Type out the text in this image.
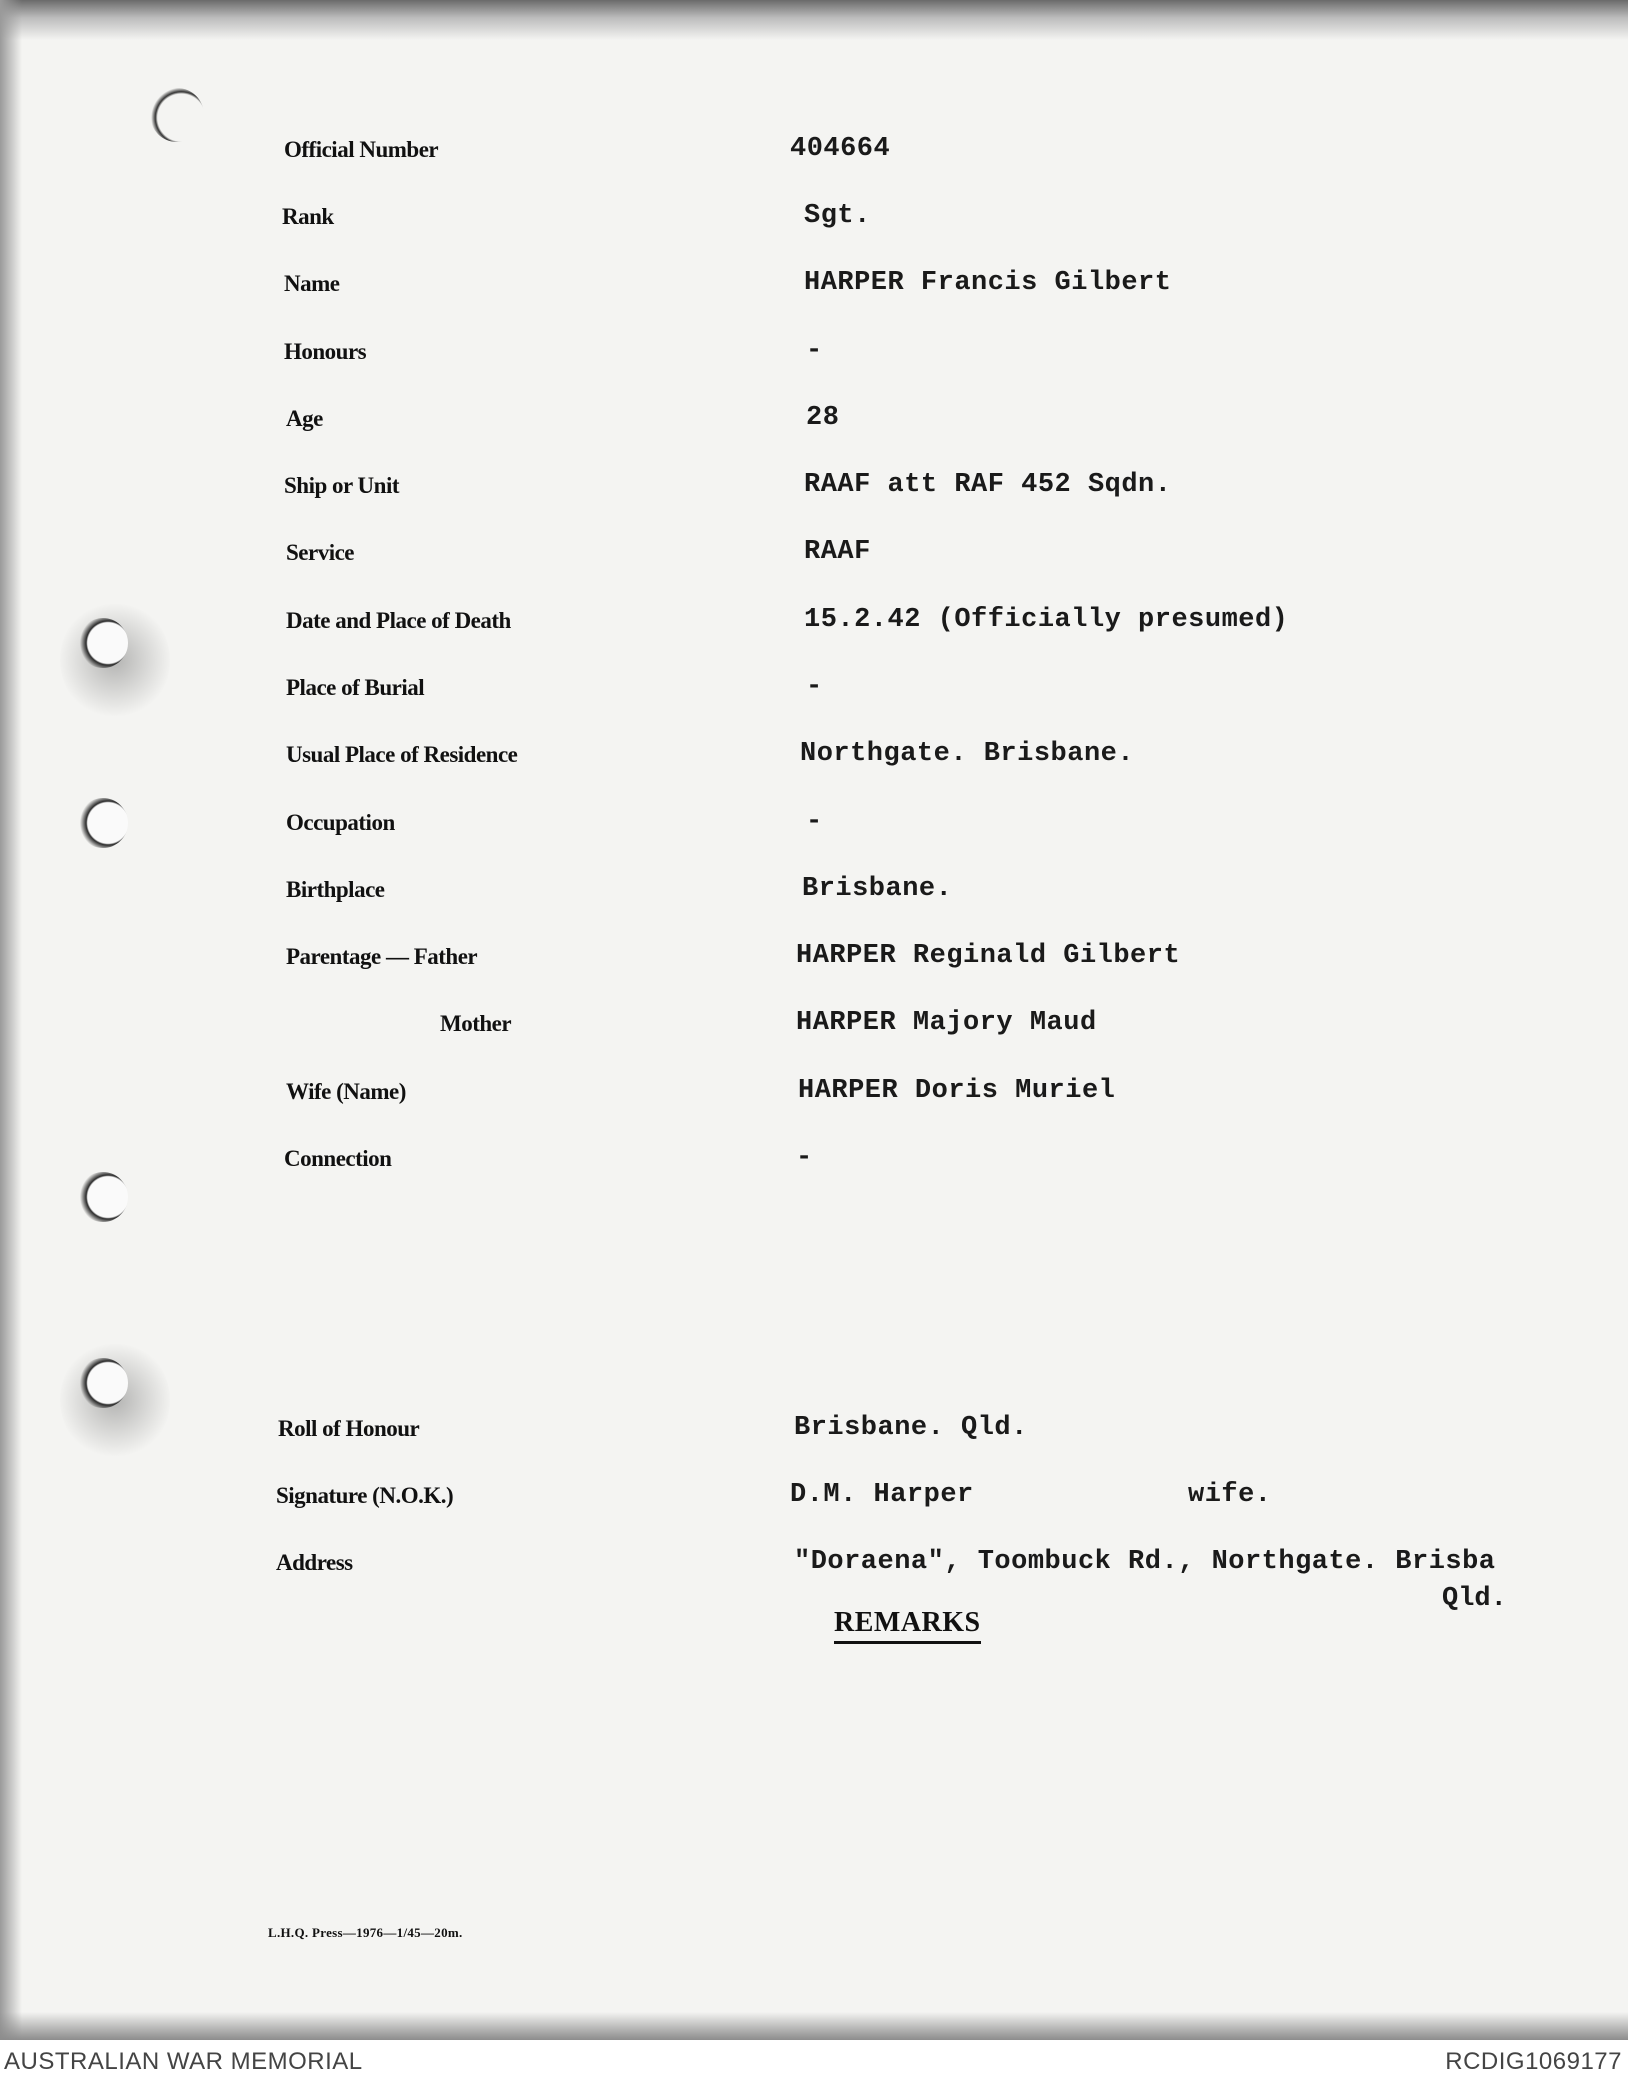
Official Number	404664
Rank	Sgt.
Name	HARPER Francis Gilbert
Honours	-
Age	28
Ship or Unit	RAAF att RAF 452 Sqdn.
Service	RAAF
Date and Place of Death	15.2.42 (Officially presumed)
Place of Burial	-
Usual Place of Residence	Northgate. Brisbane.
Occupation	-
Birthplace	Brisbane.
Parentage — Father	HARPER Reginald Gilbert
Mother	HARPER Majory Maud
Wife (Name)	HARPER Doris Muriel
Connection	-
Roll of Honour	Brisbane. Qld.
Signature (N.O.K.)	D.M. Harper	wife.
Address	"Doraena", Toombuck Rd., Northgate. Brisba
Qld.
REMARKS
L.H.Q. Press—1976—1/45—20m.
AUSTRALIAN WAR MEMORIAL	RCDIG1069177
